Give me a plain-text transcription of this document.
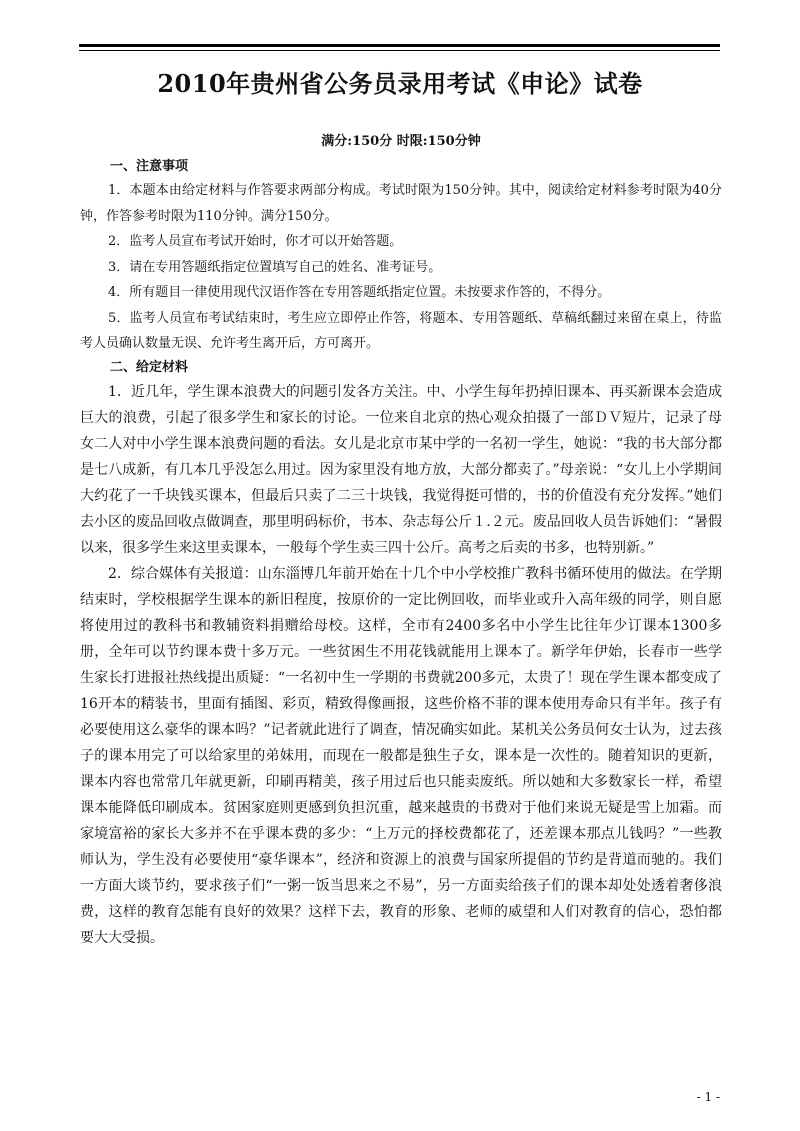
2010年贵州省公务员录用考试《申论》试卷
满分:150分 时限:150分钟

一、注意事项

1．本题本由给定材料与作答要求两部分构成。考试时限为150分钟。其中，阅读给定材料参考时限为40分钟，作答参考时限为110分钟。满分150分。

2．监考人员宣布考试开始时，你才可以开始答题。

3．请在专用答题纸指定位置填写自己的姓名、准考证号。

4．所有题目一律使用现代汉语作答在专用答题纸指定位置。未按要求作答的，不得分。

5．监考人员宣布考试结束时，考生应立即停止作答，将题本、专用答题纸、草稿纸翻过来留在桌上，待监考人员确认数量无误、允许考生离开后，方可离开。

二、给定材料

1．近几年，学生课本浪费大的问题引发各方关注。中、小学生每年扔掉旧课本、再买新课本会造成巨大的浪费，引起了很多学生和家长的讨论。一位来自北京的热心观众拍摄了一部ＤＶ短片，记录了母女二人对中小学生课本浪费问题的看法。女儿是北京市某中学的一名初一学生，她说：“我的书大部分都是七八成新，有几本几乎没怎么用过。因为家里没有地方放，大部分都卖了。”母亲说：“女儿上小学期间大约花了一千块钱买课本，但最后只卖了二三十块钱，我觉得挺可惜的，书的价值没有充分发挥。”她们去小区的废品回收点做调查，那里明码标价，书本、杂志每公斤１.２元。废品回收人员告诉她们：“暑假以来，很多学生来这里卖课本，一般每个学生卖三四十公斤。高考之后卖的书多，也特别新。”

2．综合媒体有关报道：山东淄博几年前开始在十几个中小学校推广教科书循环使用的做法。在学期结束时，学校根据学生课本的新旧程度，按原价的一定比例回收，而毕业或升入高年级的同学，则自愿将使用过的教科书和教辅资料捐赠给母校。这样，全市有2400多名中小学生比往年少订课本1300多册，全年可以节约课本费十多万元。一些贫困生不用花钱就能用上课本了。新学年伊始，长春市一些学生家长打进报社热线提出质疑：“一名初中生一学期的书费就200多元，太贵了！现在学生课本都变成了16开本的精装书，里面有插图、彩页，精致得像画报，这些价格不菲的课本使用寿命只有半年。孩子有必要使用这么豪华的课本吗？”记者就此进行了调查，情况确实如此。某机关公务员何女士认为，过去孩子的课本用完了可以给家里的弟妹用，而现在一般都是独生子女，课本是一次性的。随着知识的更新，课本内容也常常几年就更新，印刷再精美，孩子用过后也只能卖废纸。所以她和大多数家长一样，希望课本能降低印刷成本。贫困家庭则更感到负担沉重，越来越贵的书费对于他们来说无疑是雪上加霜。而家境富裕的家长大多并不在乎课本费的多少：“上万元的择校费都花了，还差课本那点儿钱吗？”一些教师认为，学生没有必要使用“豪华课本”，经济和资源上的浪费与国家所提倡的节约是背道而驰的。我们一方面大谈节约，要求孩子们“一粥一饭当思来之不易”，另一方面卖给孩子们的课本却处处透着奢侈浪费，这样的教育怎能有良好的效果？这样下去，教育的形象、老师的威望和人们对教育的信心，恐怕都要大大受损。

- 1 -
